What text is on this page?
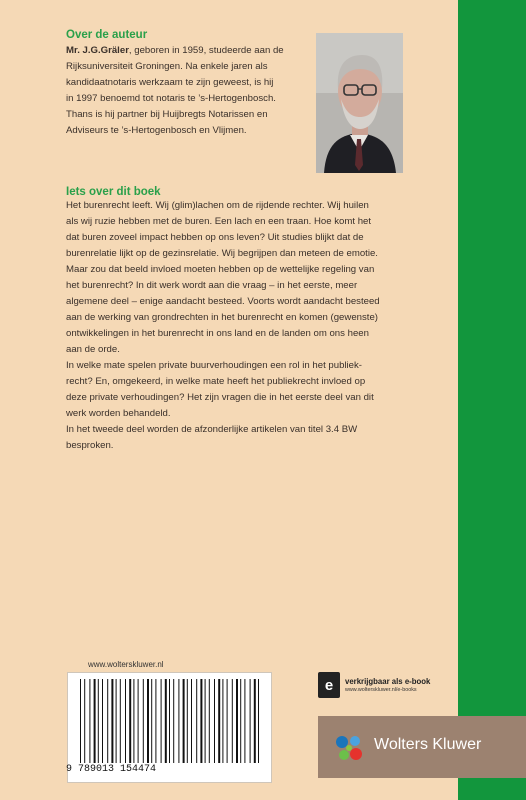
Over de auteur
Mr. J.G.Gräler, geboren in 1959, studeerde aan de
Rijksuniversiteit Groningen. Na enkele jaren als
kandidaatnotaris werkzaam te zijn geweest, is hij
in 1997 benoemd tot notaris te ’s-Hertogenbosch.
Thans is hij partner bij Huijbregts Notarissen en
Adviseurs te ’s-Hertogenbosch en Vlijmen.
Iets over dit boek
Het burenrecht leeft. Wij (glim)lachen om de rijdende rechter. Wij huilen
als wij ruzie hebben met de buren. Een lach en een traan. Hoe komt het
dat buren zoveel impact hebben op ons leven? Uit studies blijkt dat de
burenrelatie lijkt op de gezinsrelatie. Wij begrijpen dan meteen de emotie.
Maar zou dat beeld invloed moeten hebben op de wettelijke regeling van
het burenrecht? In dit werk wordt aan die vraag – in het eerste, meer
algemene deel – enige aandacht besteed. Voorts wordt aandacht besteed
aan de werking van grondrechten in het burenrecht en komen (gewenste)
ontwikkelingen in het burenrecht in ons land en de landen om ons heen
aan de orde.
In welke mate spelen private buurverhoudingen een rol in het publiek-
recht? En, omgekeerd, in welke mate heeft het publiekrecht invloed op
deze private verhoudingen? Het zijn vragen die in het eerste deel van dit
werk worden behandeld.
In het tweede deel worden de afzonderlijke artikelen van titel 3.4 BW
besproken.
www.wolterskluwer.nl
9 789013 154474
e	verkrijgbaar als e-book
www.wolterskluwer.nl/e-books
Wolters Kluwer
